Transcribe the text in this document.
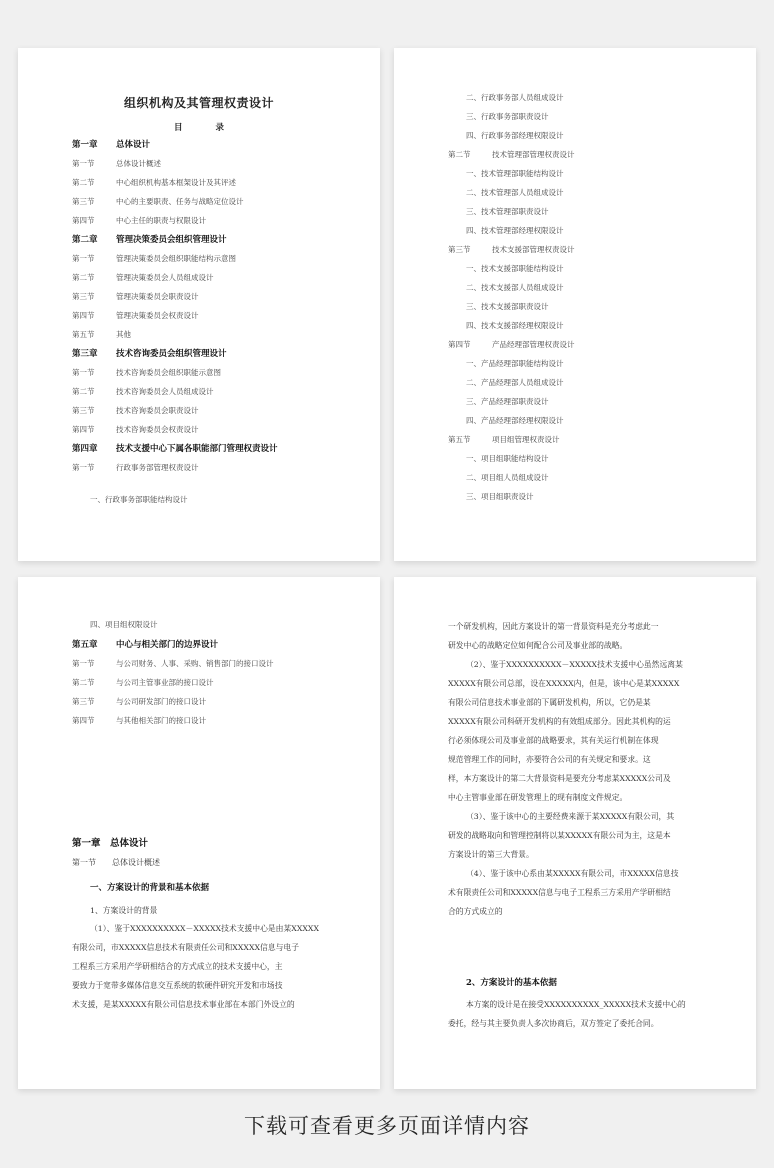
组织机构及其管理权责设计
目 录
第一章 总体设计
第一节	总体设计概述
第二节	中心组织机构基本框架设计及其评述
第三节	中心的主要职责、任务与战略定位设计
第四节	中心主任的职责与权限设计
第二章 管理决策委员会组织管理设计
第一节	管理决策委员会组织职能结构示意图
第二节	管理决策委员会人员组成设计
第三节	管理决策委员会职责设计
第四节	管理决策委员会权责设计
第五节	其他
第三章 技术咨询委员会组织管理设计
第一节	技术咨询委员会组织职能示意图
第二节	技术咨询委员会人员组成设计
第三节	技术咨询委员会职责设计
第四节	技术咨询委员会权责设计
第四章 技术支援中心下属各职能部门管理权责设计
第一节	行政事务部管理权责设计
一、行政事务部职能结构设计
二、行政事务部人员组成设计
三、行政事务部职责设计
四、行政事务部经理权限设计
第二节	技术管理部管理权责设计
一、技术管理部职能结构设计
二、技术管理部人员组成设计
三、技术管理部职责设计
四、技术管理部经理权限设计
第三节	技术支援部管理权责设计
一、技术支援部职能结构设计
二、技术支援部人员组成设计
三、技术支援部职责设计
四、技术支援部经理权限设计
第四节	产品经理部管理权责设计
一、产品经理部职能结构设计
二、产品经理部人员组成设计
三、产品经理部职责设计
四、产品经理部经理权限设计
第五节	项目组管理权责设计
一、项目组职能结构设计
二、项目组人员组成设计
三、项目组职责设计
四、项目组权限设计
第五章 中心与相关部门的边界设计
第一节	与公司财务、人事、采购、销售部门的接口设计
第二节	与公司主管事业部的接口设计
第三节	与公司研发部门的接口设计
第四节	与其他相关部门的接口设计
第一章　总体设计
第一节　　总体设计概述
一、方案设计的背景和基本依据
1、方案设计的背景
（1）、鉴于XXXXXXXXXX－XXXXX技术支援中心是由某XXXXX
有限公司，市XXXXX信息技术有限责任公司和XXXXX信息与电子
工程系三方采用产学研相结合的方式成立的技术支援中心，主
要致力于宽带多媒体信息交互系统的软硬件研究开发和市场技
术支援，是某XXXXX有限公司信息技术事业部在本部门外设立的
一个研发机构，因此方案设计的第一背景资料是充分考虑此一
研发中心的战略定位如何配合公司及事业部的战略。
（2）、鉴于XXXXXXXXXX－XXXXX技术支援中心虽然远离某
XXXXX有限公司总部，设在XXXXX内，但是，该中心是某XXXXX
有限公司信息技术事业部的下属研发机构，所以，它仍是某
XXXXX有限公司科研开发机构的有效组成部分。因此其机构的运
行必须体现公司及事业部的战略要求，其有关运行机制在体现
规范管理工作的同时，亦要符合公司的有关规定和要求。这
样，本方案设计的第二大背景资料是要充分考虑某XXXXX公司及
中心主管事业部在研发管理上的现有制度文件规定。
（3）、鉴于该中心的主要经费来源于某XXXXX有限公司，其
研发的战略取向和管理控制将以某XXXXX有限公司为主，这是本
方案设计的第三大背景。
（4）、鉴于该中心系由某XXXXX有限公司，市XXXXX信息技
术有限责任公司和XXXXX信息与电子工程系三方采用产学研相结
合的方式成立的
2、方案设计的基本依据
本方案的设计是在接受XXXXXXXXXX_XXXXX技术支援中心的
委托，经与其主要负责人多次协商后，双方签定了委托合同。
下载可查看更多页面详情内容
